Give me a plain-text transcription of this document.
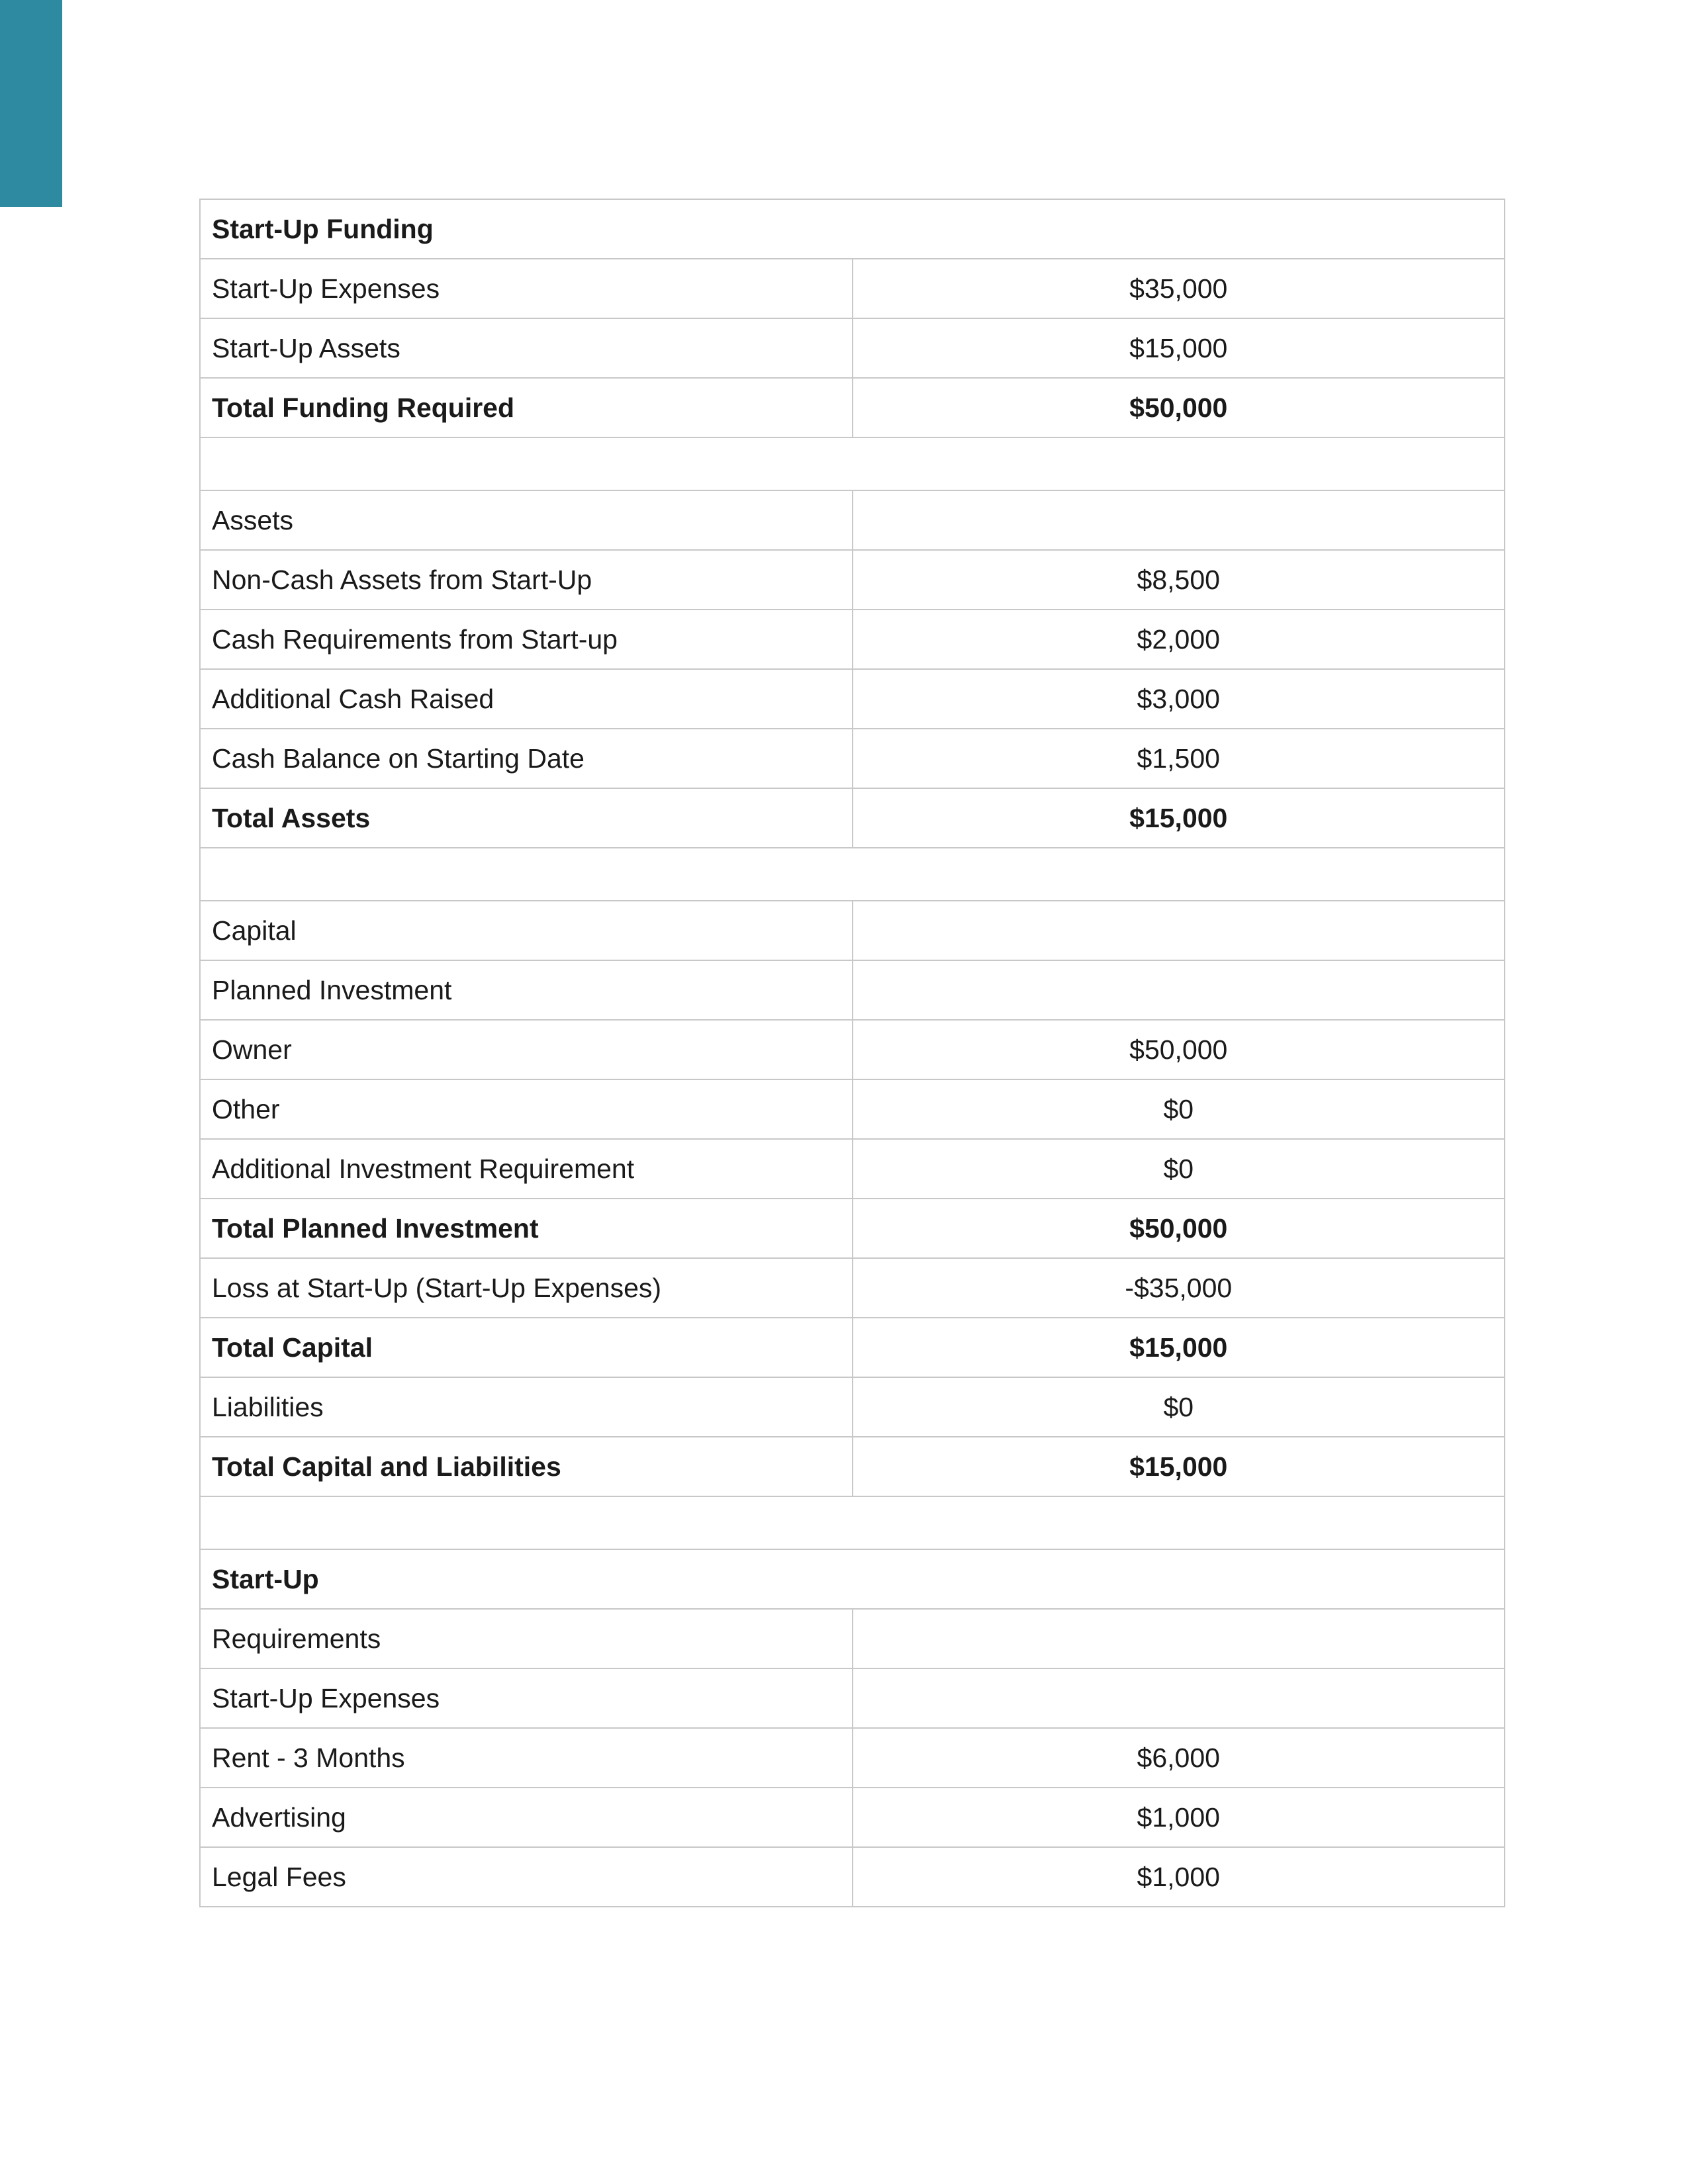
Start-Up Funding	
Start-Up Expenses	$35,000
Start-Up Assets	$15,000
Total Funding Required	$50,000

Assets	
Non-Cash Assets from Start-Up	$8,500
Cash Requirements from Start-up	$2,000
Additional Cash Raised	$3,000
Cash Balance on Starting Date	$1,500
Total Assets	$15,000

Capital	
Planned Investment	
Owner	$50,000
Other	$0
Additional Investment Requirement	$0
Total Planned Investment	$50,000
Loss at Start-Up (Start-Up Expenses)	-$35,000
Total Capital	$15,000
Liabilities	$0
Total Capital and Liabilities	$15,000

Start-Up	
Requirements	
Start-Up Expenses	
Rent - 3 Months	$6,000
Advertising	$1,000
Legal Fees	$1,000
